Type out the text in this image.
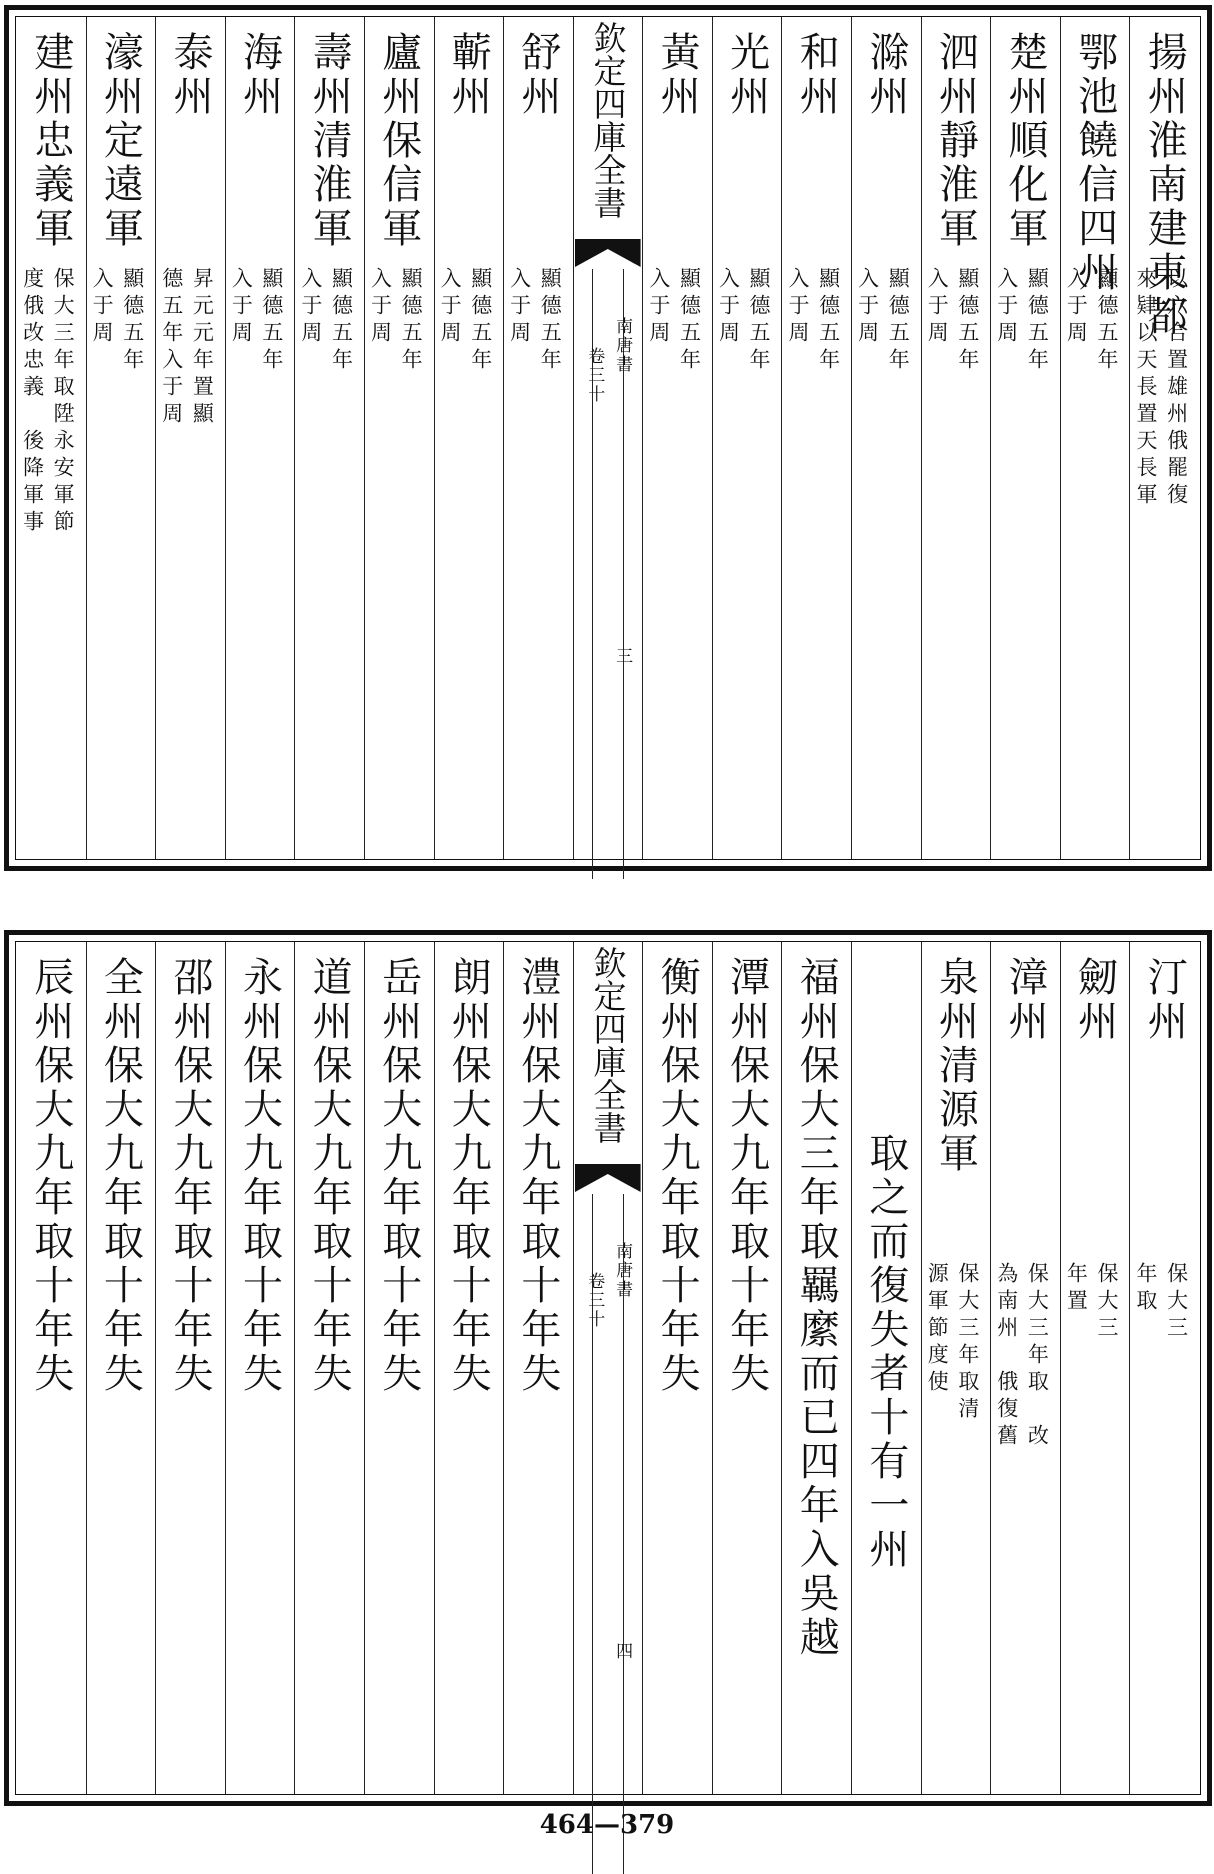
揚州淮南建東都
以六合置雄州俄罷復
來肄以天長置天長軍
鄂池饒信四州
顯德五年
入于周
楚州順化軍
顯德五年
入于周
泗州靜淮軍
顯德五年
入于周
滁州
顯德五年
入于周
和州
顯德五年
入于周
光州
顯德五年
入于周
黃州
顯德五年
入于周
欽定四庫全書
南唐書
卷三十
三
舒州
顯德五年
入于周
蘄州
顯德五年
入于周
廬州保信軍
顯德五年
入于周
壽州清淮軍
顯德五年
入于周
海州
顯德五年
入于周
泰州
昇元元年置顯
德五年入于周
濠州定遠軍
顯德五年
入于周
建州忠義軍
保大三年取陞永安軍節
度俄改忠義　後降軍事
汀州
保大三
年取
劒州
保大三
年置
漳州
保大三年取　改
為南州　俄復舊
泉州清源軍
保大三年取清
源軍節度使
　　　　取之而復失者十有一州
福州保大三年取羈縻而已四年入吳越
潭州保大九年取十年失
衡州保大九年取十年失
欽定四庫全書
南唐書
卷三十
四
澧州保大九年取十年失
朗州保大九年取十年失
岳州保大九年取十年失
道州保大九年取十年失
永州保大九年取十年失
邵州保大九年取十年失
全州保大九年取十年失
辰州保大九年取十年失
464—379
